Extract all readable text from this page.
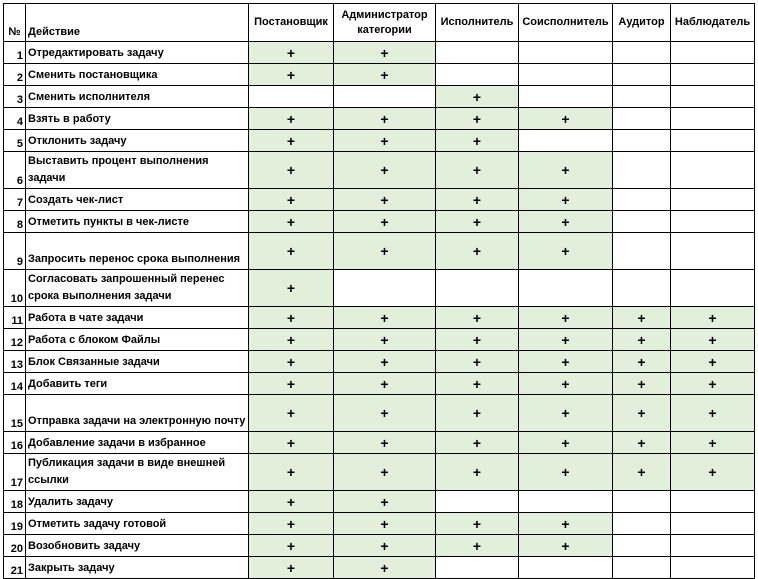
№	Действие	Постановщик	Администратор категории	Исполнитель	Соисполнитель	Аудитор	Наблюдатель
1	Отредактировать задачу	+	+				
2	Сменить постановщика	+	+				
3	Сменить исполнителя			+			
4	Взять в работу	+	+	+	+		
5	Отклонить задачу	+	+	+			
6	Выставить процент выполнения задачи	+	+	+	+		
7	Создать чек-лист	+	+	+	+		
8	Отметить пункты в чек-листе	+	+	+	+		
9	Запросить перенос срока выполнения	+	+	+	+		
10	Согласовать запрошенный перенес срока выполнения задачи	+					
11	Работа в чате задачи	+	+	+	+	+	+
12	Работа с блоком Файлы	+	+	+	+	+	+
13	Блок Связанные задачи	+	+	+	+	+	+
14	Добавить теги	+	+	+	+	+	+
15	Отправка задачи на электронную почту	+	+	+	+	+	+
16	Добавление задачи в избранное	+	+	+	+	+	+
17	Публикация задачи в виде внешней ссылки	+	+	+	+	+	+
18	Удалить задачу	+	+				
19	Отметить задачу готовой	+	+	+	+		
20	Возобновить задачу	+	+	+	+		
21	Закрыть задачу	+	+				
